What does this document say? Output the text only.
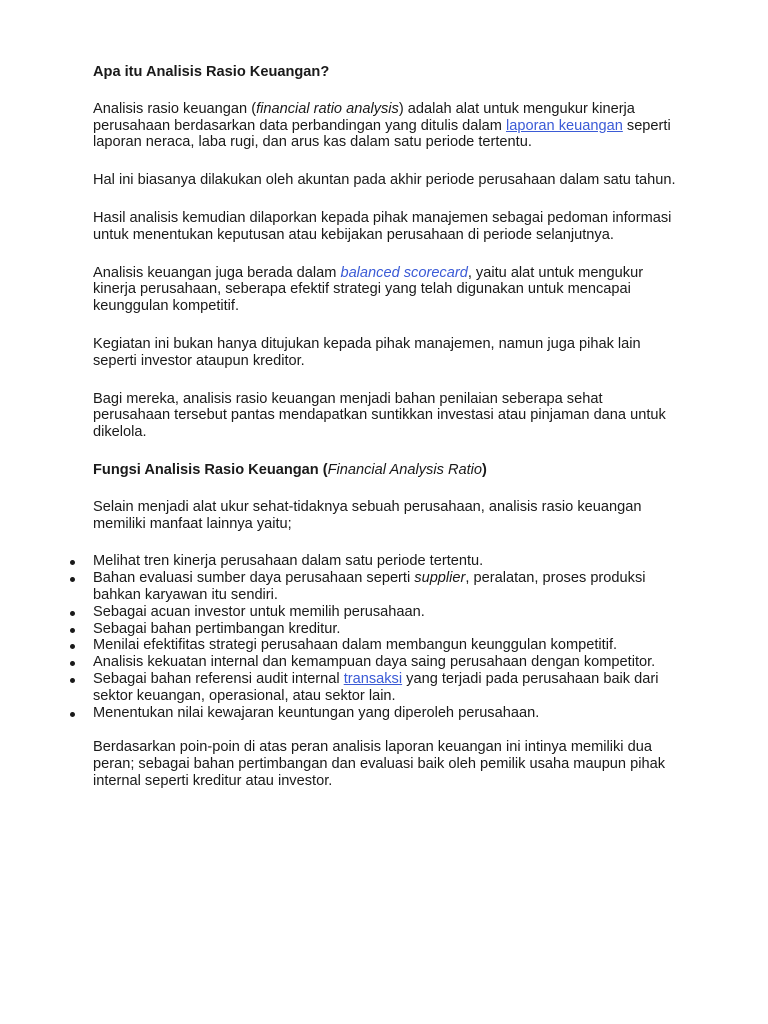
Apa itu Analisis Rasio Keuangan?

Analisis rasio keuangan (financial ratio analysis) adalah alat untuk mengukur kinerja perusahaan berdasarkan data perbandingan yang ditulis dalam laporan keuangan seperti laporan neraca, laba rugi, dan arus kas dalam satu periode tertentu.

Hal ini biasanya dilakukan oleh akuntan pada akhir periode perusahaan dalam satu tahun.

Hasil analisis kemudian dilaporkan kepada pihak manajemen sebagai pedoman informasi untuk menentukan keputusan atau kebijakan perusahaan di periode selanjutnya.

Analisis keuangan juga berada dalam balanced scorecard, yaitu alat untuk mengukur kinerja perusahaan, seberapa efektif strategi yang telah digunakan untuk mencapai keunggulan kompetitif.

Kegiatan ini bukan hanya ditujukan kepada pihak manajemen, namun juga pihak lain seperti investor ataupun kreditor.

Bagi mereka, analisis rasio keuangan menjadi bahan penilaian seberapa sehat perusahaan tersebut pantas mendapatkan suntikkan investasi atau pinjaman dana untuk dikelola.

Fungsi Analisis Rasio Keuangan (Financial Analysis Ratio)

Selain menjadi alat ukur sehat-tidaknya sebuah perusahaan, analisis rasio keuangan memiliki manfaat lainnya yaitu;

Melihat tren kinerja perusahaan dalam satu periode tertentu.
Bahan evaluasi sumber daya perusahaan seperti supplier, peralatan, proses produksi bahkan karyawan itu sendiri.
Sebagai acuan investor untuk memilih perusahaan.
Sebagai bahan pertimbangan kreditur.
Menilai efektifitas strategi perusahaan dalam membangun keunggulan kompetitif.
Analisis kekuatan internal dan kemampuan daya saing perusahaan dengan kompetitor.
Sebagai bahan referensi audit internal transaksi yang terjadi pada perusahaan baik dari sektor keuangan, operasional, atau sektor lain.
Menentukan nilai kewajaran keuntungan yang diperoleh perusahaan.

Berdasarkan poin-poin di atas peran analisis laporan keuangan ini intinya memiliki dua peran; sebagai bahan pertimbangan dan evaluasi baik oleh pemilik usaha maupun pihak internal seperti kreditur atau investor.
